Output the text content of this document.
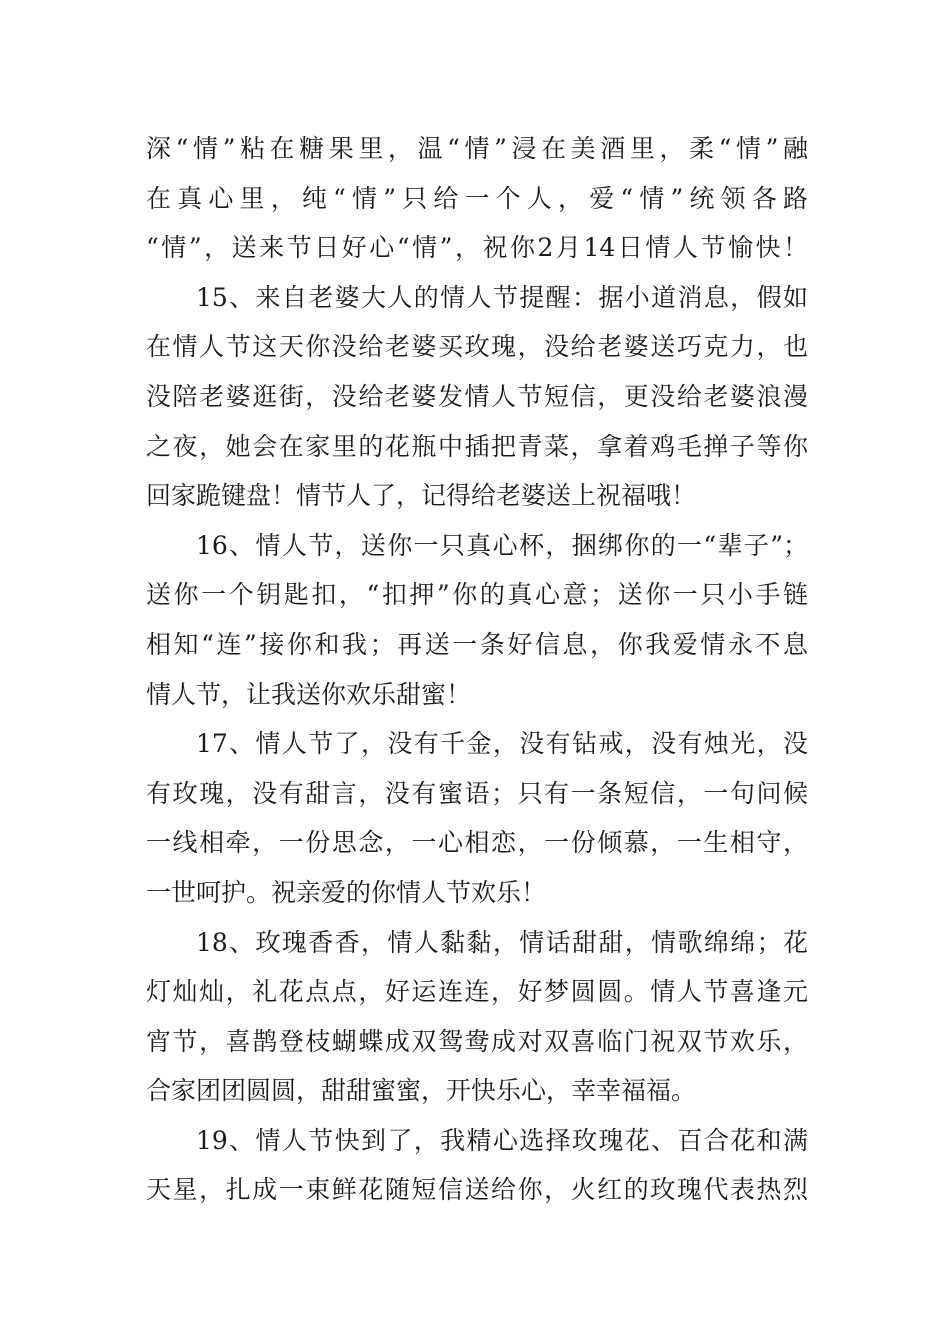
深“情”粘在糖果里，温“情”浸在美酒里，柔“情”融
在真心里，纯“情”只给一个人，爱“情”统领各路
“情”，送来节日好心“情”，祝你2月14日情人节愉快！
15、来自老婆大人的情人节提醒：据小道消息，假如
在情人节这天你没给老婆买玫瑰，没给老婆送巧克力，也
没陪老婆逛街，没给老婆发情人节短信，更没给老婆浪漫
之夜，她会在家里的花瓶中插把青菜，拿着鸡毛掸子等你
回家跪键盘！情节人了，记得给老婆送上祝福哦！
16、情人节，送你一只真心杯，捆绑你的一“辈子”；
送你一个钥匙扣，“扣押”你的真心意；送你一只小手链
相知“连”接你和我；再送一条好信息，你我爱情永不息
情人节，让我送你欢乐甜蜜！
17、情人节了，没有千金，没有钻戒，没有烛光，没
有玫瑰，没有甜言，没有蜜语；只有一条短信，一句问候
一线相牵，一份思念，一心相恋，一份倾慕，一生相守，
一世呵护。祝亲爱的你情人节欢乐！
18、玫瑰香香，情人黏黏，情话甜甜，情歌绵绵；花
灯灿灿，礼花点点，好运连连，好梦圆圆。情人节喜逢元
宵节，喜鹊登枝蝴蝶成双鸳鸯成对双喜临门祝双节欢乐，
合家团团圆圆，甜甜蜜蜜，开快乐心，幸幸福福。
19、情人节快到了，我精心选择玫瑰花、百合花和满
天星，扎成一束鲜花随短信送给你，火红的玫瑰代表热烈
